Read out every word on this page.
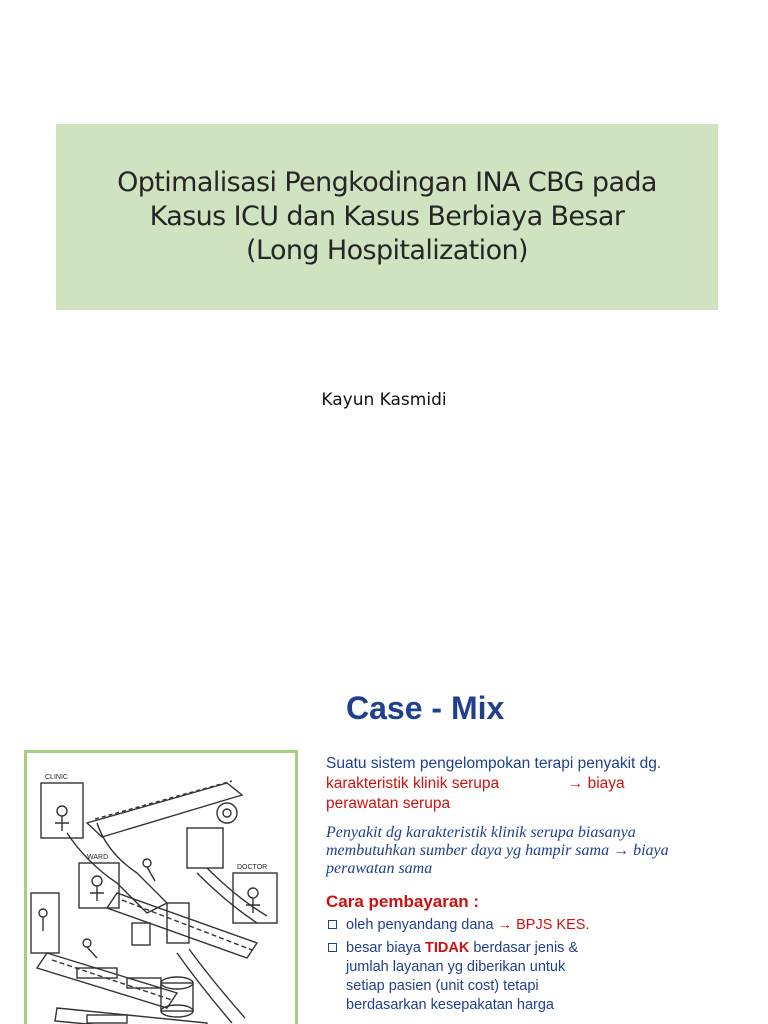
Optimalisasi Pengkodingan INA CBG pada
Kasus ICU dan Kasus Berbiaya Besar
(Long Hospitalization)
Kayun Kasmidi
Case - Mix
CLINIC
WARD
DOCTOR
Suatu sistem pengelompokan terapi penyakit dg.
karakteristik klinik serupa	→ biaya
perawatan serupa
Penyakit dg karakteristik klinik serupa biasanya
membutuhkan sumber daya yg hampir sama → biaya
perawatan sama
Cara pembayaran :
oleh penyandang dana → BPJS KES.
besar biaya TIDAK berdasar jenis &
jumlah layanan yg diberikan untuk
setiap pasien (unit cost) tetapi
berdasarkan kesepakatan harga
